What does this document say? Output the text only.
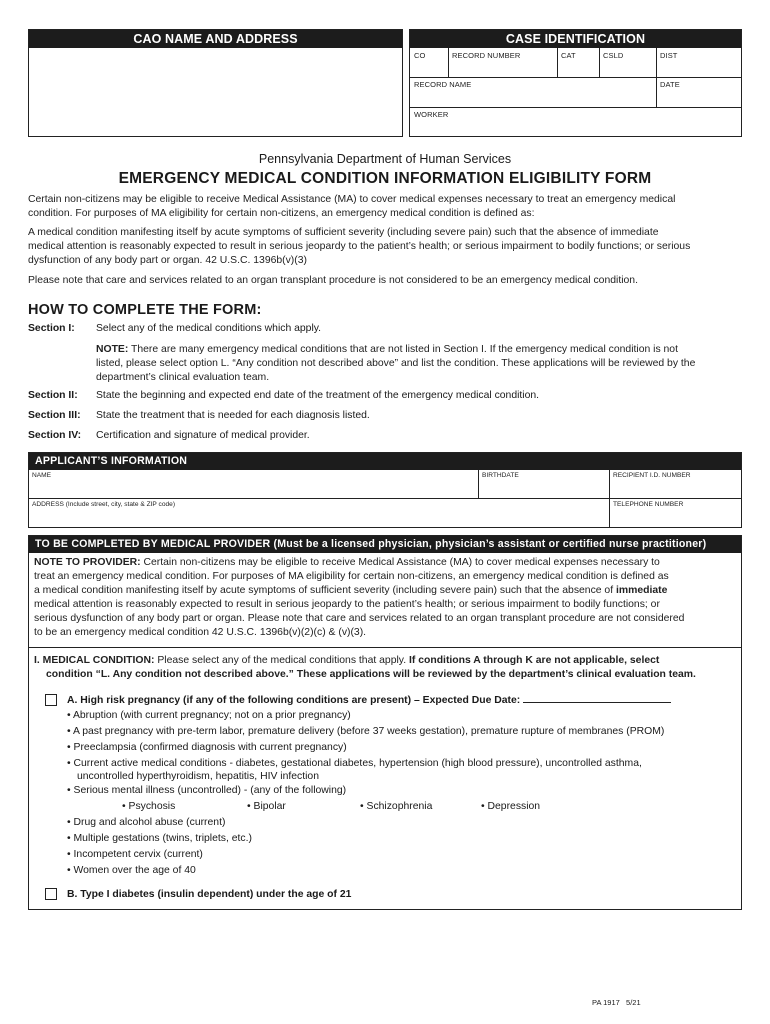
CAO NAME AND ADDRESS	CASE IDENTIFICATION
CO	RECORD NUMBER	CAT	CSLD	DIST
RECORD NAME	DATE
WORKER
Pennsylvania Department of Human Services
EMERGENCY MEDICAL CONDITION INFORMATION ELIGIBILITY FORM
Certain non-citizens may be eligible to receive Medical Assistance (MA) to cover medical expenses necessary to treat an emergency medical
condition. For purposes of MA eligibility for certain non-citizens, an emergency medical condition is defined as:
A medical condition manifesting itself by acute symptoms of sufficient severity (including severe pain) such that the absence of immediate
medical attention is reasonably expected to result in serious jeopardy to the patient’s health; or serious impairment to bodily functions; or serious
dysfunction of any body part or organ. 42 U.S.C. 1396b(v)(3)
Please note that care and services related to an organ transplant procedure is not considered to be an emergency medical condition.
HOW TO COMPLETE THE FORM:
Section I: Select any of the medical conditions which apply.
NOTE: There are many emergency medical conditions that are not listed in Section I. If the emergency medical condition is not
listed, please select option L. “Any condition not described above” and list the condition. These applications will be reviewed by the
department’s clinical evaluation team.
Section II: State the beginning and expected end date of the treatment of the emergency medical condition.
Section III: State the treatment that is needed for each diagnosis listed.
Section IV: Certification and signature of medical provider.
APPLICANT’S INFORMATION
NAME	BIRTHDATE	RECIPIENT I.D. NUMBER
ADDRESS (Include street, city, state & ZIP code)	TELEPHONE NUMBER
TO BE COMPLETED BY MEDICAL PROVIDER (Must be a licensed physician, physician’s assistant or certified nurse practitioner)
NOTE TO PROVIDER: Certain non-citizens may be eligible to receive Medical Assistance (MA) to cover medical expenses necessary to
treat an emergency medical condition. For purposes of MA eligibility for certain non-citizens, an emergency medical condition is defined as
a medical condition manifesting itself by acute symptoms of sufficient severity (including severe pain) such that the absence of immediate
medical attention is reasonably expected to result in serious jeopardy to the patient’s health; or serious impairment to bodily functions; or
serious dysfunction of any body part or organ. Please note that care and services related to an organ transplant procedure are not considered
to be an emergency medical condition 42 U.S.C. 1396b(v)(2)(c) & (v)(3).
I. MEDICAL CONDITION: Please select any of the medical conditions that apply. If conditions A through K are not applicable, select
condition “L. Any condition not described above.” These applications will be reviewed by the department’s clinical evaluation team.
A. High risk pregnancy (if any of the following conditions are present) – Expected Due Date:
• Abruption (with current pregnancy; not on a prior pregnancy)
• A past pregnancy with pre-term labor, premature delivery (before 37 weeks gestation), premature rupture of membranes (PROM)
• Preeclampsia (confirmed diagnosis with current pregnancy)
• Current active medical conditions - diabetes, gestational diabetes, hypertension (high blood pressure), uncontrolled asthma,
uncontrolled hyperthyroidism, hepatitis, HIV infection
• Serious mental illness (uncontrolled) - (any of the following)
• Psychosis	• Bipolar	• Schizophrenia	• Depression
• Drug and alcohol abuse (current)
• Multiple gestations (twins, triplets, etc.)
• Incompetent cervix (current)
• Women over the age of 40
B. Type I diabetes (insulin dependent) under the age of 21
PA 1917   5/21
